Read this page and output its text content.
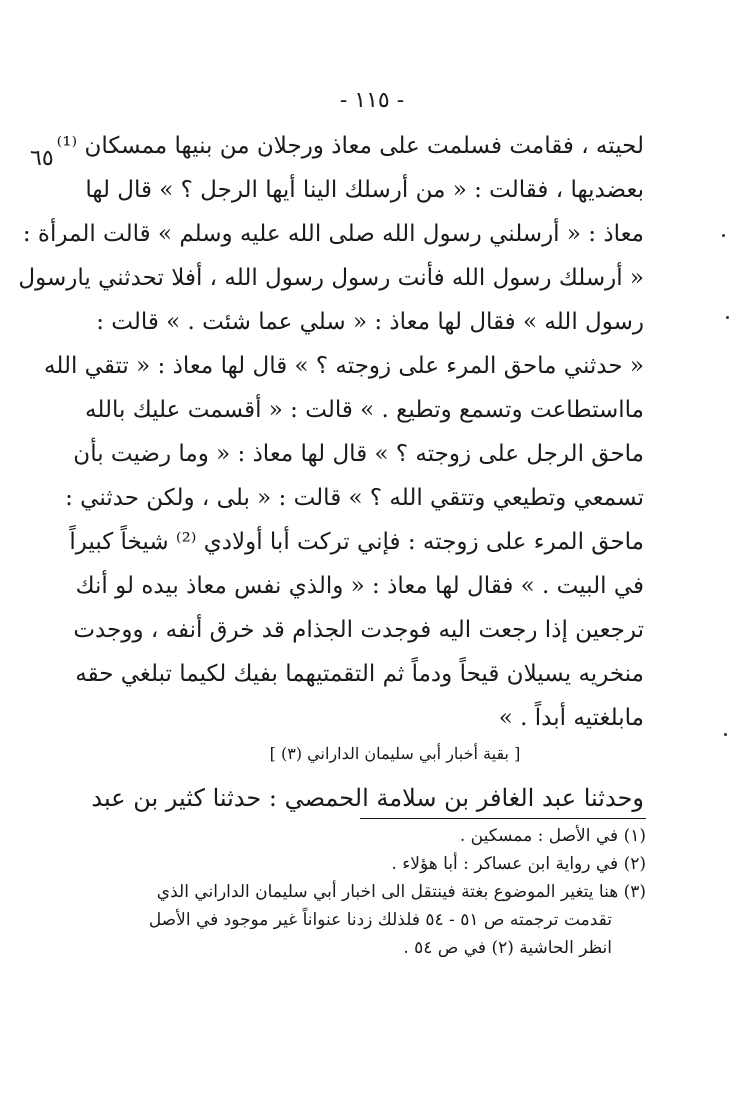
- ١١٥ -
٦٥ لحيته ، فقامت فسلمت على معاذ ورجلان من بنيها ممسكان ⁽¹⁾
بعضديها ، فقالت : « من أرسلك الينا أيها الرجل ؟ » قال لها
معاذ : « أرسلني رسول الله صلى الله عليه وسلم » قالت المرأة :
« أرسلك رسول الله فأنت رسول رسول الله ، أفلا تحدثني يارسول
رسول الله » فقال لها معاذ : « سلي عما شئت . » قالت :
« حدثني ماحق المرء على زوجته ؟ » قال لها معاذ : « تتقي الله
مااستطاعت وتسمع وتطيع . » قالت : « أقسمت عليك بالله
ماحق الرجل على زوجته ؟ » قال لها معاذ : « وما رضيت بأن
تسمعي وتطيعي وتتقي الله ؟ » قالت : « بلى ، ولكن حدثني :
ماحق المرء على زوجته : فإني تركت أبا أولادي ⁽²⁾ شيخاً كبيراً
في البيت . » فقال لها معاذ : « والذي نفس معاذ بيده لو أنك
ترجعين إذا رجعت اليه فوجدت الجذام قد خرق أنفه ، ووجدت
منخريه يسيلان قيحاً ودماً ثم التقمتيهما بفيك لكيما تبلغي حقه
مابلغتيه أبداً . »
[ بقية أخبار أبي سليمان الداراني (٣) ]
وحدثنا عبد الغافر بن سلامة الحمصي : حدثنا كثير بن عبد
(١) في الأصل : ممسكين .
(٢) في رواية ابن عساكر : أبا هؤلاء .
(٣) هنا يتغير الموضوع بغتة فينتقل الى اخبار أبي سليمان الداراني الذي
تقدمت ترجمته ص ٥١ - ٥٤ فلذلك زدنا عنواناً غير موجود في الأصل
انظر الحاشية (٢) في ص ٥٤ .
